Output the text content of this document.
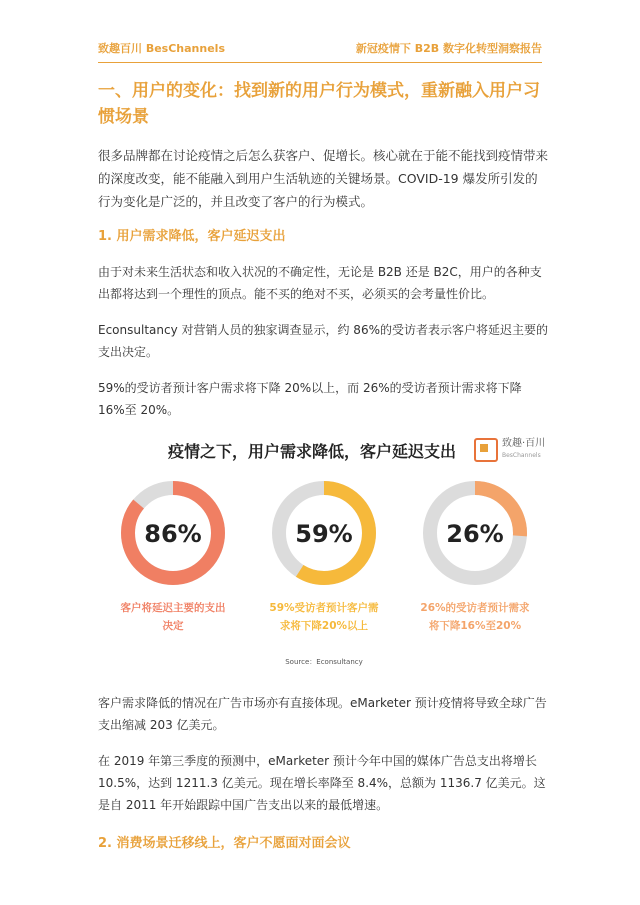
致趣百川 BesChannels	新冠疫情下 B2B 数字化转型洞察报告
一、用户的变化：找到新的用户行为模式，重新融入用户习惯场景

很多品牌都在讨论疫情之后怎么获客户、促增长。核心就在于能不能找到疫情带来的深度改变，能不能融入到用户生活轨迹的关键场景。COVID-19 爆发所引发的行为变化是广泛的，并且改变了客户的行为模式。

1. 用户需求降低，客户延迟支出

由于对未来生活状态和收入状况的不确定性，无论是 B2B 还是 B2C，用户的各种支出都将达到一个理性的顶点。能不买的绝对不买，必须买的会考量性价比。

Econsultancy 对营销人员的独家调查显示，约 86%的受访者表示客户将延迟主要的支出决定。

59%的受访者预计客户需求将下降 20%以上，而 26%的受访者预计需求将下降 16%至 20%。

疫情之下，用户需求降低，客户延迟支出	致趣·百川
BesChannels
86%
客户将延迟主要的支出决定
59%
59%受访者预计客户需求将下降20%以上
26%
26%的受访者预计需求将下降16%至20%
Source：Econsultancy

客户需求降低的情况在广告市场亦有直接体现。eMarketer 预计疫情将导致全球广告支出缩减 203 亿美元。

在 2019 年第三季度的预测中，eMarketer 预计今年中国的媒体广告总支出将增长 10.5%，达到 1211.3 亿美元。现在增长率降至 8.4%，总额为 1136.7 亿美元。这是自 2011 年开始跟踪中国广告支出以来的最低增速。

2. 消费场景迁移线上，客户不愿面对面会议
